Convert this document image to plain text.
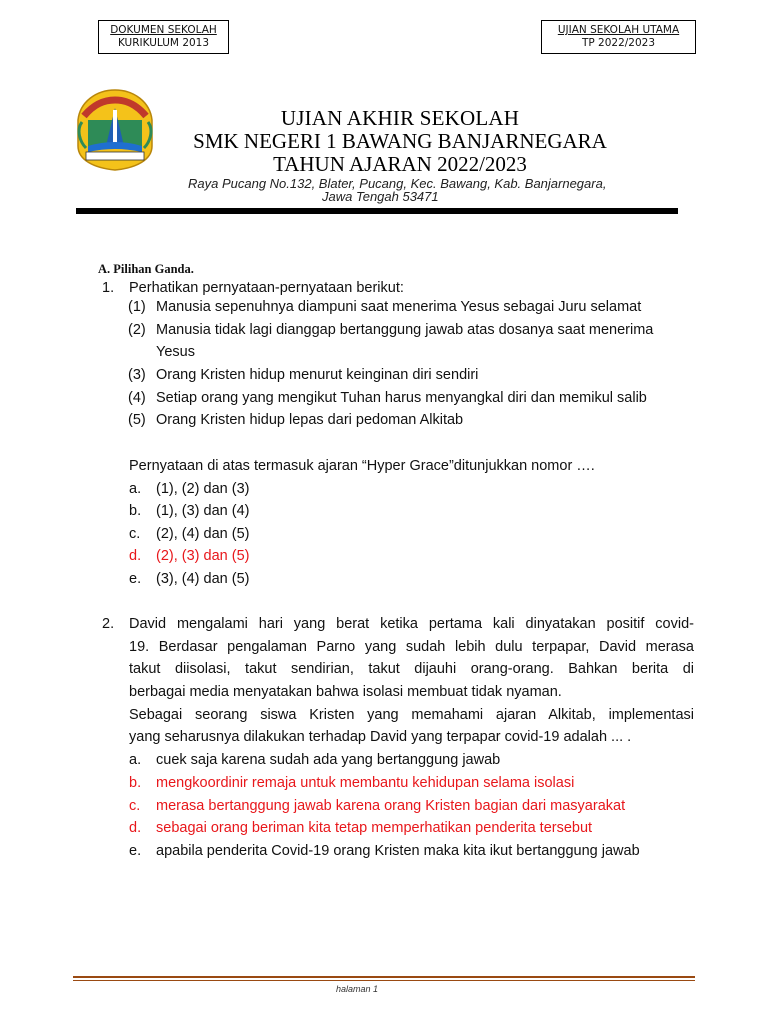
DOKUMEN SEKOLAH
KURIKULUM 2013
UJIAN SEKOLAH UTAMA
TP 2022/2023
UJIAN AKHIR SEKOLAH
SMK NEGERI 1 BAWANG BANJARNEGARA
TAHUN AJARAN 2022/2023
Raya Pucang No.132, Blater, Pucang, Kec. Bawang, Kab. Banjarnegara,
Jawa Tengah 53471
A. Pilihan Ganda.
1. Perhatikan pernyataan-pernyataan berikut:
(1) Manusia sepenuhnya diampuni saat menerima Yesus sebagai Juru selamat
(2) Manusia tidak lagi dianggap bertanggung jawab atas dosanya saat menerima
Yesus
(3) Orang Kristen hidup menurut keinginan diri sendiri
(4) Setiap orang yang mengikut Tuhan harus menyangkal diri dan memikul salib
(5) Orang Kristen hidup lepas dari pedoman Alkitab
Pernyataan di atas termasuk ajaran “Hyper Grace”ditunjukkan nomor ….
a. (1), (2) dan (3)
b. (1), (3) dan (4)
c. (2), (4) dan (5)
d. (2), (3) dan (5)
e. (3), (4) dan (5)
2. David mengalami hari yang berat ketika pertama kali dinyatakan positif covid-
19. Berdasar pengalaman Parno yang sudah lebih dulu terpapar, David merasa
takut diisolasi, takut sendirian, takut dijauhi orang-orang. Bahkan berita di
berbagai media menyatakan bahwa isolasi membuat tidak nyaman.
Sebagai seorang siswa Kristen yang memahami ajaran Alkitab, implementasi
yang seharusnya dilakukan terhadap David yang terpapar covid-19 adalah ... .
a. cuek saja karena sudah ada yang bertanggung jawab
b. mengkoordinir remaja untuk membantu kehidupan selama isolasi
c. merasa bertanggung jawab karena orang Kristen bagian dari masyarakat
d. sebagai orang beriman kita tetap memperhatikan penderita tersebut
e. apabila penderita Covid-19 orang Kristen maka kita ikut bertanggung jawab
halaman 1
